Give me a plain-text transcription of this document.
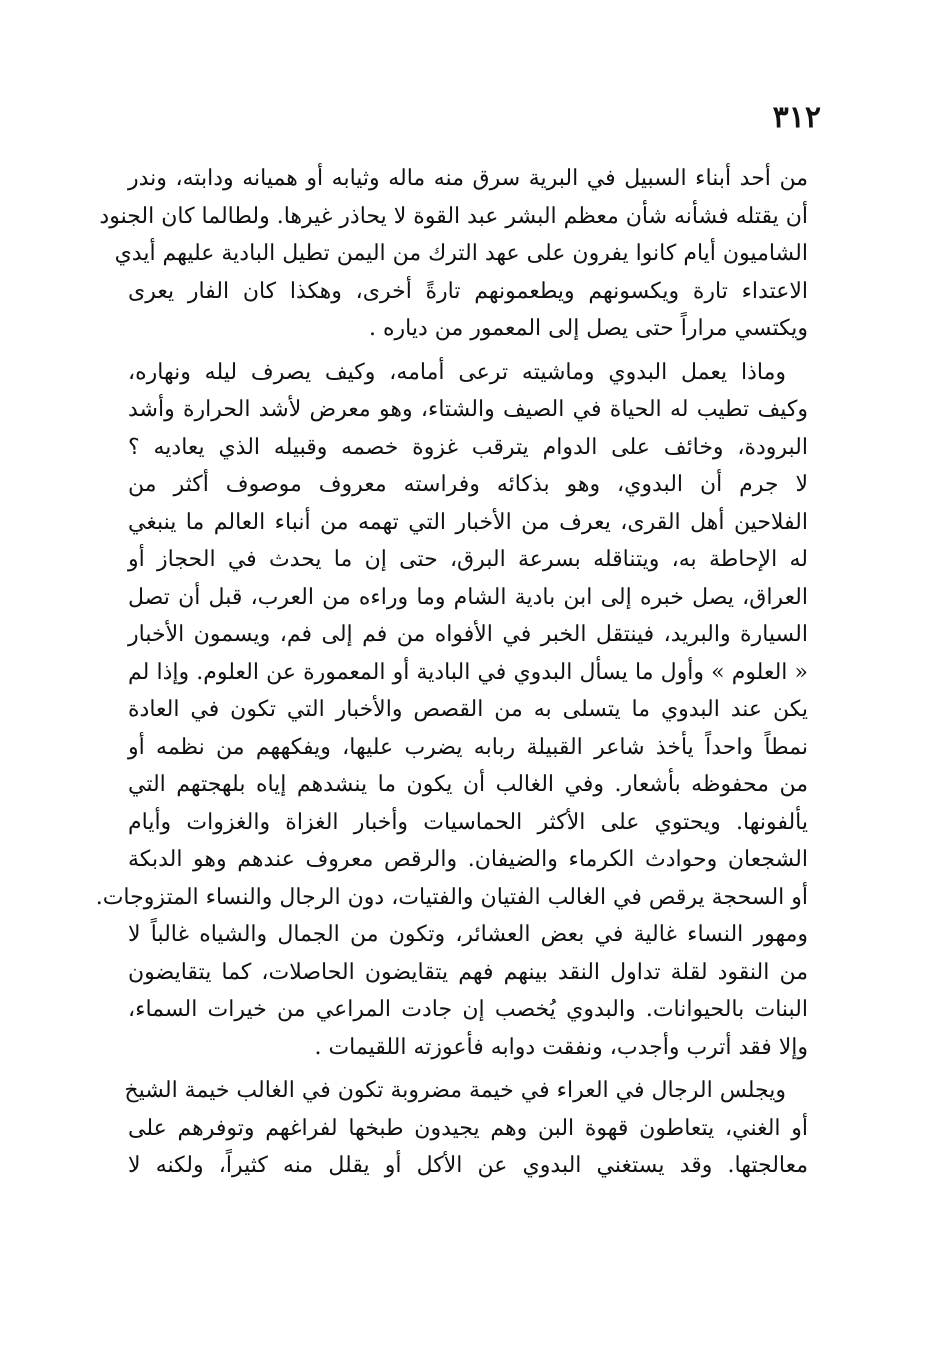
٣١٢
من أحد أبناء السبيل في البرية سرق منه ماله وثيابه أو هميانه ودابته، وندر
أن يقتله فشأنه شأن معظم البشر عبد القوة لا يحاذر غيرها. ولطالما كان الجنود
الشاميون أيام كانوا يفرون على عهد الترك من اليمن تطيل البادية عليهم أيدي
الاعتداء تارة ويكسونهم ويطعمونهم تارةً أخرى، وهكذا كان الفار يعرى
ويكتسي مراراً حتى يصل إلى المعمور من دياره .
وماذا يعمل البدوي وماشيته ترعى أمامه، وكيف يصرف ليله ونهاره،
وكيف تطيب له الحياة في الصيف والشتاء، وهو معرض لأشد الحرارة وأشد
البرودة، وخائف على الدوام يترقب غزوة خصمه وقبيله الذي يعاديه ؟
لا جرم أن البدوي، وهو بذكائه وفراسته معروف موصوف أكثر من
الفلاحين أهل القرى، يعرف من الأخبار التي تهمه من أنباء العالم ما ينبغي
له الإحاطة به، ويتناقله بسرعة البرق، حتى إن ما يحدث في الحجاز أو
العراق، يصل خبره إلى ابن بادية الشام وما وراءه من العرب، قبل أن تصل
السيارة والبريد، فينتقل الخبر في الأفواه من فم إلى فم، ويسمون الأخبار
« العلوم » وأول ما يسأل البدوي في البادية أو المعمورة عن العلوم. وإذا لم
يكن عند البدوي ما يتسلى به من القصص والأخبار التي تكون في العادة
نمطاً واحداً يأخذ شاعر القبيلة ربابه يضرب عليها، ويفكههم من نظمه أو
من محفوظه بأشعار. وفي الغالب أن يكون ما ينشدهم إياه بلهجتهم التي
يألفونها. ويحتوي على الأكثر الحماسيات وأخبار الغزاة والغزوات وأيام
الشجعان وحوادث الكرماء والضيفان. والرقص معروف عندهم وهو الدبكة
أو السحجة يرقص في الغالب الفتيان والفتيات، دون الرجال والنساء المتزوجات.
ومهور النساء غالية في بعض العشائر، وتكون من الجمال والشياه غالباً لا
من النقود لقلة تداول النقد بينهم فهم يتقايضون الحاصلات، كما يتقايضون
البنات بالحيوانات. والبدوي يُخصب إن جادت المراعي من خيرات السماء،
وإلا فقد أترب وأجدب، ونفقت دوابه فأعوزته اللقيمات .
ويجلس الرجال في العراء في خيمة مضروبة تكون في الغالب خيمة الشيخ
أو الغني، يتعاطون قهوة البن وهم يجيدون طبخها لفراغهم وتوفرهم على
معالجتها. وقد يستغني البدوي عن الأكل أو يقلل منه كثيراً، ولكنه لا
